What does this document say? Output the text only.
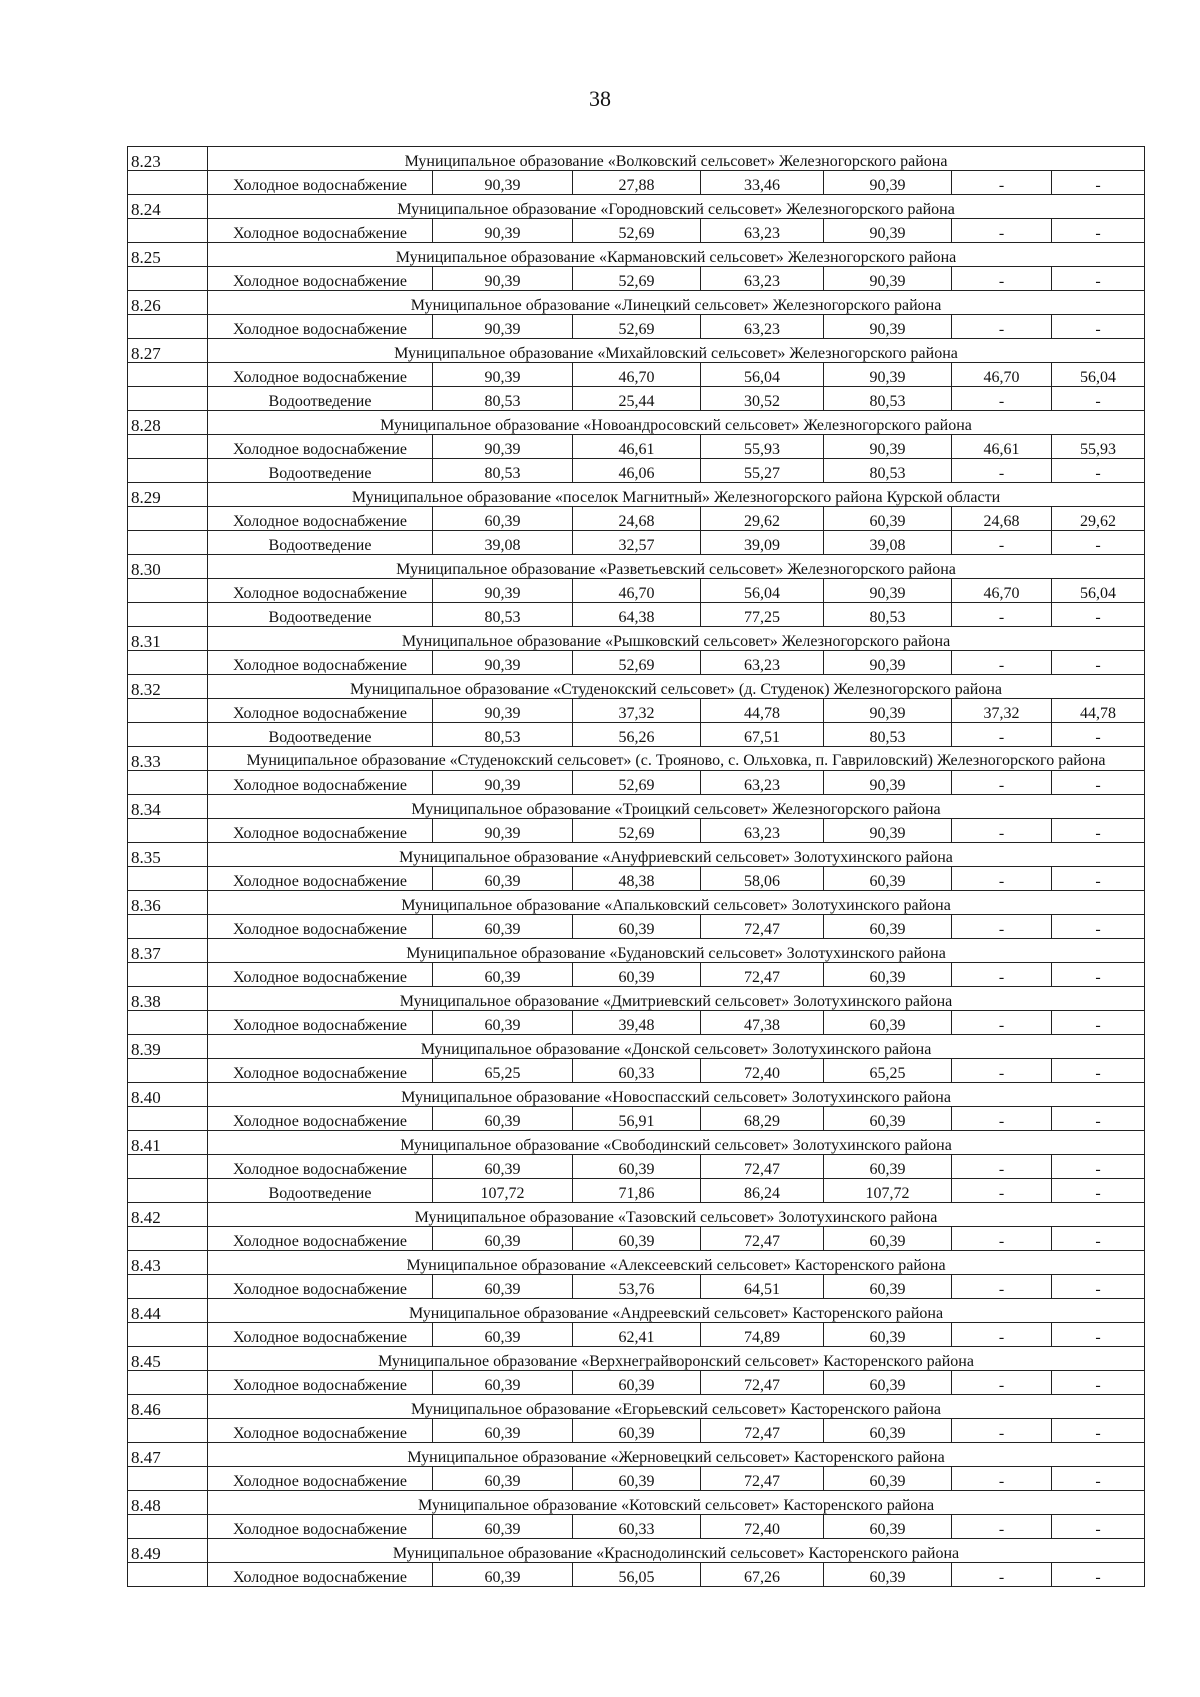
38
8.23	Муниципальное образование «Волковский сельсовет» Железногорского района						
	Холодное водоснабжение	90,39	27,88	33,46	90,39	-	-
8.24	Муниципальное образование «Городновский сельсовет» Железногорского района						
	Холодное водоснабжение	90,39	52,69	63,23	90,39	-	-
8.25	Муниципальное образование «Кармановский сельсовет» Железногорского района						
	Холодное водоснабжение	90,39	52,69	63,23	90,39	-	-
8.26	Муниципальное образование «Линецкий сельсовет» Железногорского района						
	Холодное водоснабжение	90,39	52,69	63,23	90,39	-	-
8.27	Муниципальное образование «Михайловский сельсовет» Железногорского района						
	Холодное водоснабжение	90,39	46,70	56,04	90,39	46,70	56,04
	Водоотведение	80,53	25,44	30,52	80,53	-	-
8.28	Муниципальное образование «Новоандросовский сельсовет» Железногорского района						
	Холодное водоснабжение	90,39	46,61	55,93	90,39	46,61	55,93
	Водоотведение	80,53	46,06	55,27	80,53	-	-
8.29	Муниципальное образование «поселок Магнитный» Железногорского района Курской области						
	Холодное водоснабжение	60,39	24,68	29,62	60,39	24,68	29,62
	Водоотведение	39,08	32,57	39,09	39,08	-	-
8.30	Муниципальное образование «Разветьевский сельсовет» Железногорского района						
	Холодное водоснабжение	90,39	46,70	56,04	90,39	46,70	56,04
	Водоотведение	80,53	64,38	77,25	80,53	-	-
8.31	Муниципальное образование «Рышковский сельсовет» Железногорского района						
	Холодное водоснабжение	90,39	52,69	63,23	90,39	-	-
8.32	Муниципальное образование «Студенокский сельсовет» (д. Студенок) Железногорского района						
	Холодное водоснабжение	90,39	37,32	44,78	90,39	37,32	44,78
	Водоотведение	80,53	56,26	67,51	80,53	-	-
8.33	Муниципальное образование «Студенокский сельсовет» (с. Трояново, с. Ольховка, п. Гавриловский) Железногорского района						
	Холодное водоснабжение	90,39	52,69	63,23	90,39	-	-
8.34	Муниципальное образование «Троицкий сельсовет» Железногорского района						
	Холодное водоснабжение	90,39	52,69	63,23	90,39	-	-
8.35	Муниципальное образование «Ануфриевский сельсовет» Золотухинского района						
	Холодное водоснабжение	60,39	48,38	58,06	60,39	-	-
8.36	Муниципальное образование «Апальковский сельсовет» Золотухинского района						
	Холодное водоснабжение	60,39	60,39	72,47	60,39	-	-
8.37	Муниципальное образование «Будановский сельсовет» Золотухинского района						
	Холодное водоснабжение	60,39	60,39	72,47	60,39	-	-
8.38	Муниципальное образование «Дмитриевский сельсовет» Золотухинского района						
	Холодное водоснабжение	60,39	39,48	47,38	60,39	-	-
8.39	Муниципальное образование «Донской сельсовет» Золотухинского района						
	Холодное водоснабжение	65,25	60,33	72,40	65,25	-	-
8.40	Муниципальное образование «Новоспасский сельсовет» Золотухинского района						
	Холодное водоснабжение	60,39	56,91	68,29	60,39	-	-
8.41	Муниципальное образование «Свободинский сельсовет» Золотухинского района						
	Холодное водоснабжение	60,39	60,39	72,47	60,39	-	-
	Водоотведение	107,72	71,86	86,24	107,72	-	-
8.42	Муниципальное образование «Тазовский сельсовет» Золотухинского района						
	Холодное водоснабжение	60,39	60,39	72,47	60,39	-	-
8.43	Муниципальное образование «Алексеевский сельсовет» Касторенского района						
	Холодное водоснабжение	60,39	53,76	64,51	60,39	-	-
8.44	Муниципальное образование «Андреевский сельсовет» Касторенского района						
	Холодное водоснабжение	60,39	62,41	74,89	60,39	-	-
8.45	Муниципальное образование «Верхнеграйворонский сельсовет» Касторенского района						
	Холодное водоснабжение	60,39	60,39	72,47	60,39	-	-
8.46	Муниципальное образование «Егорьевский сельсовет» Касторенского района						
	Холодное водоснабжение	60,39	60,39	72,47	60,39	-	-
8.47	Муниципальное образование «Жерновецкий сельсовет» Касторенского района						
	Холодное водоснабжение	60,39	60,39	72,47	60,39	-	-
8.48	Муниципальное образование «Котовский сельсовет» Касторенского района						
	Холодное водоснабжение	60,39	60,33	72,40	60,39	-	-
8.49	Муниципальное образование «Краснодолинский сельсовет» Касторенского района						
	Холодное водоснабжение	60,39	56,05	67,26	60,39	-	-
